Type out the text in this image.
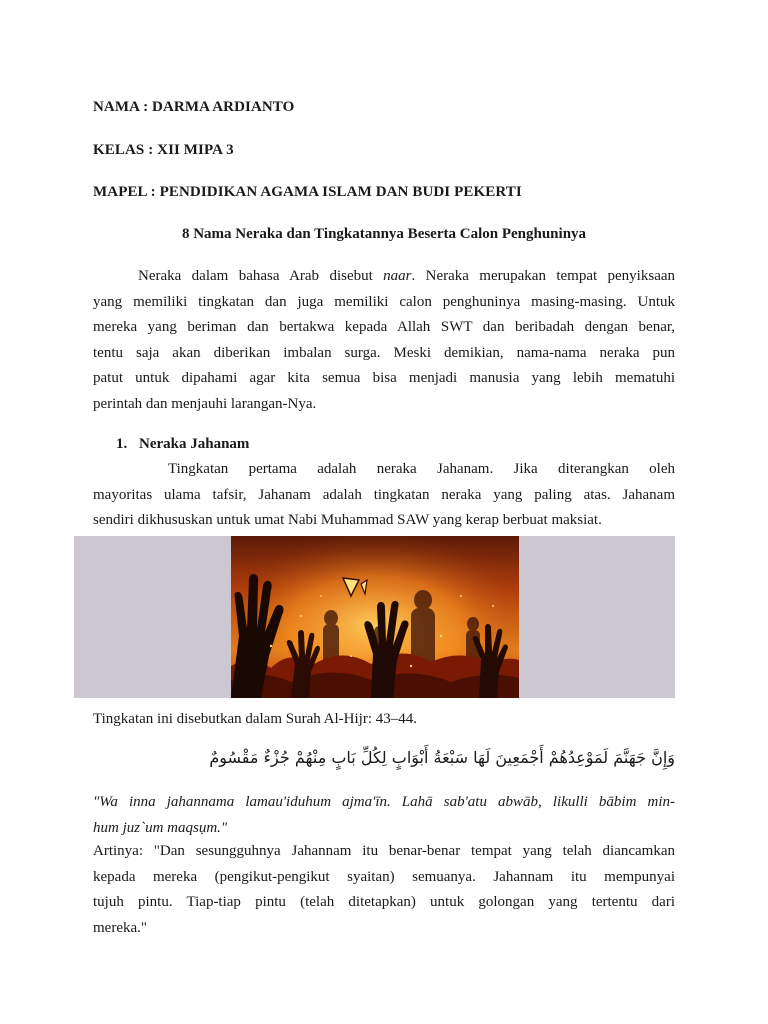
NAMA : DARMA ARDIANTO
KELAS : XII MIPA 3
MAPEL : PENDIDIKAN AGAMA ISLAM DAN BUDI PEKERTI
8 Nama Neraka dan Tingkatannya Beserta Calon Penghuninya
Neraka dalam bahasa Arab disebut naar. Neraka merupakan tempat penyiksaan
yang memiliki tingkatan dan juga memiliki calon penghuninya masing-masing. Untuk
mereka yang beriman dan bertakwa kepada Allah SWT dan beribadah dengan benar,
tentu saja akan diberikan imbalan surga. Meski demikian, nama-nama neraka pun
patut untuk dipahami agar kita semua bisa menjadi manusia yang lebih mematuhi
perintah dan menjauhi larangan-Nya.
1. Neraka Jahanam
Tingkatan pertama adalah neraka Jahanam. Jika diterangkan oleh
mayoritas ulama tafsir, Jahanam adalah tingkatan neraka yang paling atas. Jahanam
sendiri dikhususkan untuk umat Nabi Muhammad SAW yang kerap berbuat maksiat.
Tingkatan ini disebutkan dalam Surah Al-Hijr: 43–44.
وَإِنَّ جَهَنَّمَ لَمَوْعِدُهُمْ أَجْمَعِينَ لَهَا سَبْعَةُ أَبْوَابٍ لِكُلِّ بَابٍ مِنْهُمْ جُزْءٌ مَقْسُومٌ
"Wa inna jahannama lamau'iduhum ajma'īn. Lahā sab'atu abwāb, likulli bābim min-
hum juz`um maqsụm."
Artinya: "Dan sesungguhnya Jahannam itu benar-benar tempat yang telah diancamkan
kepada mereka (pengikut-pengikut syaitan) semuanya. Jahannam itu mempunyai
tujuh pintu. Tiap-tiap pintu (telah ditetapkan) untuk golongan yang tertentu dari
mereka."
